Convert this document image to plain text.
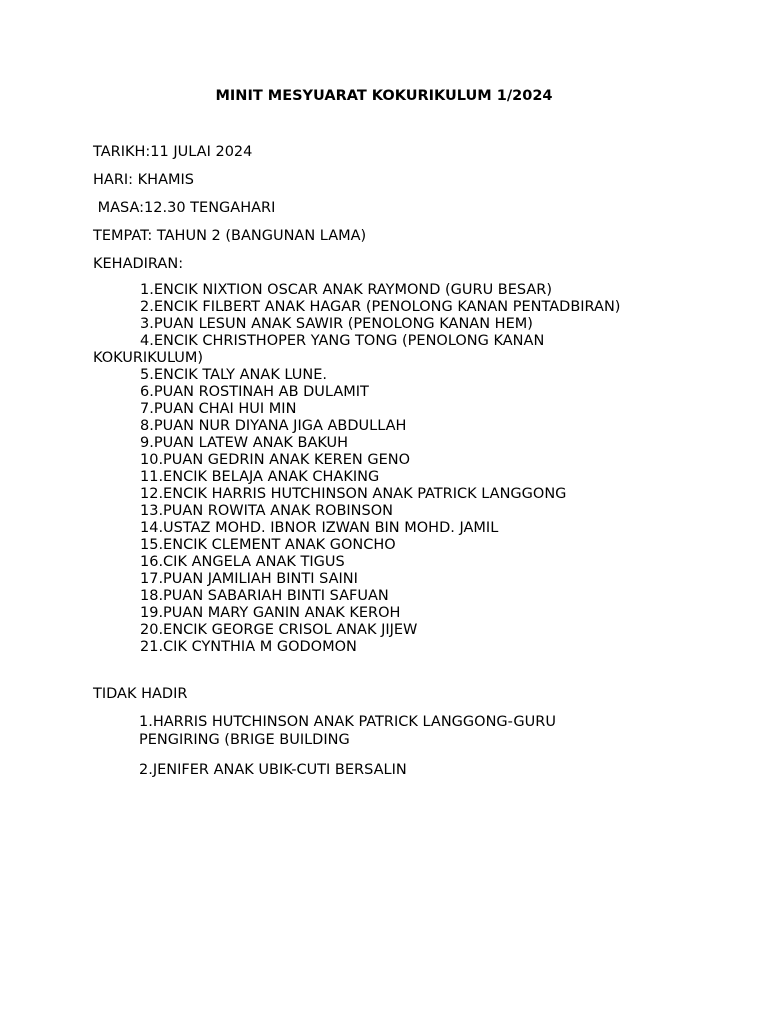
MINIT MESYUARAT KOKURIKULUM 1/2024
TARIKH:11 JULAI 2024
HARI: KHAMIS
MASA:12.30 TENGAHARI
TEMPAT: TAHUN 2 (BANGUNAN LAMA)
KEHADIRAN:
1.ENCIK NIXTION OSCAR ANAK RAYMOND (GURU BESAR)
2.ENCIK FILBERT ANAK HAGAR (PENOLONG KANAN PENTADBIRAN)
3.PUAN LESUN ANAK SAWIR (PENOLONG KANAN HEM)
4.ENCIK CHRISTHOPER YANG TONG (PENOLONG KANAN
KOKURIKULUM)
5.ENCIK TALY ANAK LUNE.
6.PUAN ROSTINAH AB DULAMIT
7.PUAN CHAI HUI MIN
8.PUAN NUR DIYANA JIGA ABDULLAH
9.PUAN LATEW ANAK BAKUH
10.PUAN GEDRIN ANAK KEREN GENO
11.ENCIK BELAJA ANAK CHAKING
12.ENCIK HARRIS HUTCHINSON ANAK PATRICK LANGGONG
13.PUAN ROWITA ANAK ROBINSON
14.USTAZ MOHD. IBNOR IZWAN BIN MOHD. JAMIL
15.ENCIK CLEMENT ANAK GONCHO
16.CIK ANGELA ANAK TIGUS
17.PUAN JAMILIAH BINTI SAINI
18.PUAN SABARIAH BINTI SAFUAN
19.PUAN MARY GANIN ANAK KEROH
20.ENCIK GEORGE CRISOL ANAK JIJEW
21.CIK CYNTHIA M GODOMON
TIDAK HADIR
1.HARRIS HUTCHINSON ANAK PATRICK LANGGONG-GURU PENGIRING (BRIGE BUILDING
2.JENIFER ANAK UBIK-CUTI BERSALIN
